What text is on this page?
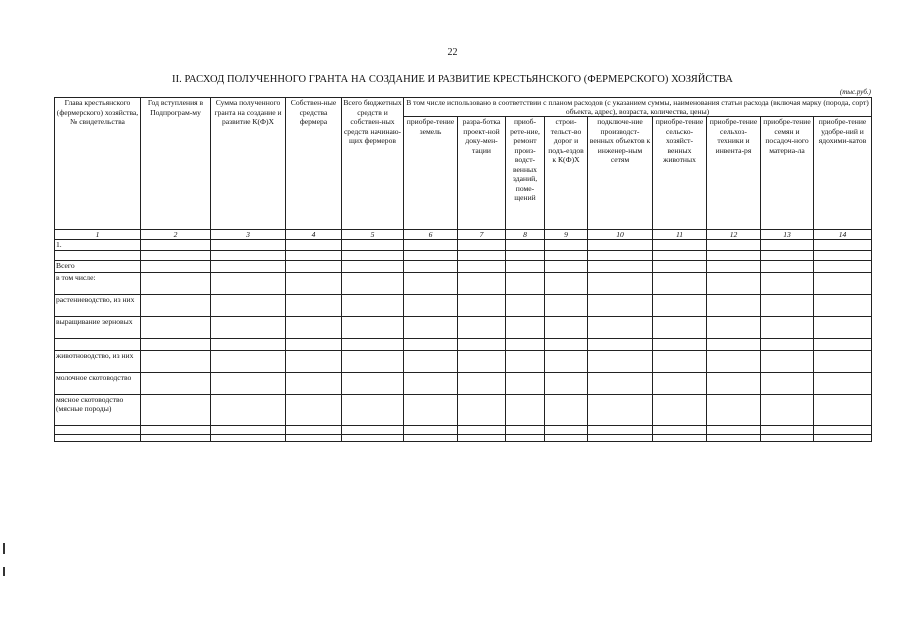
22
II. РАСХОД ПОЛУЧЕННОГО ГРАНТА НА СОЗДАНИЕ И РАЗВИТИЕ КРЕСТЬЯНСКОГО (ФЕРМЕРСКОГО) ХОЗЯЙСТВА
(тыс.руб.)
Глава крестьянского (фермерского) хозяйства, № свидетельства	Год вступления в Подпрограм-му	Сумма полученного гранта на создание и развитие К(Ф)Х	Собствен-ные средства фермера	Всего бюджетных средств и собствен-ных средств начинаю-щих фермеров	В том числе использовано в соответствии с планом расходов (с указанием суммы, наименования статьи расхода (включая марку (порода, сорт) объекта, адрес), возраста, количества, цены)								
					приобре-тение земель	разра-ботка проект-ной доку-мен-тации	приоб-рете-ние, ремонт произ-водст-венных зданий, поме-щений	строи-тельст-во дорог и подъ-ездов к К(Ф)Х	подключе-ние производст-венных объектов к инженер-ным сетям	приобре-тение сельско-хозяйст-венных животных	приобре-тение сельхоз-техники и инвента-ря	приобре-тение семян и посадоч-ного материа-ла	приобре-тение удобре-ний и ядохими-катов
1	2	3	4	5	6	7	8	9	10	11	12	13	14
1.													

Всего													
в том числе:													
растениеводство, из них													
выращивание зерновых													

животноводство, из них													
молочное скотоводство													
мясное скотоводство (мясные породы)													
